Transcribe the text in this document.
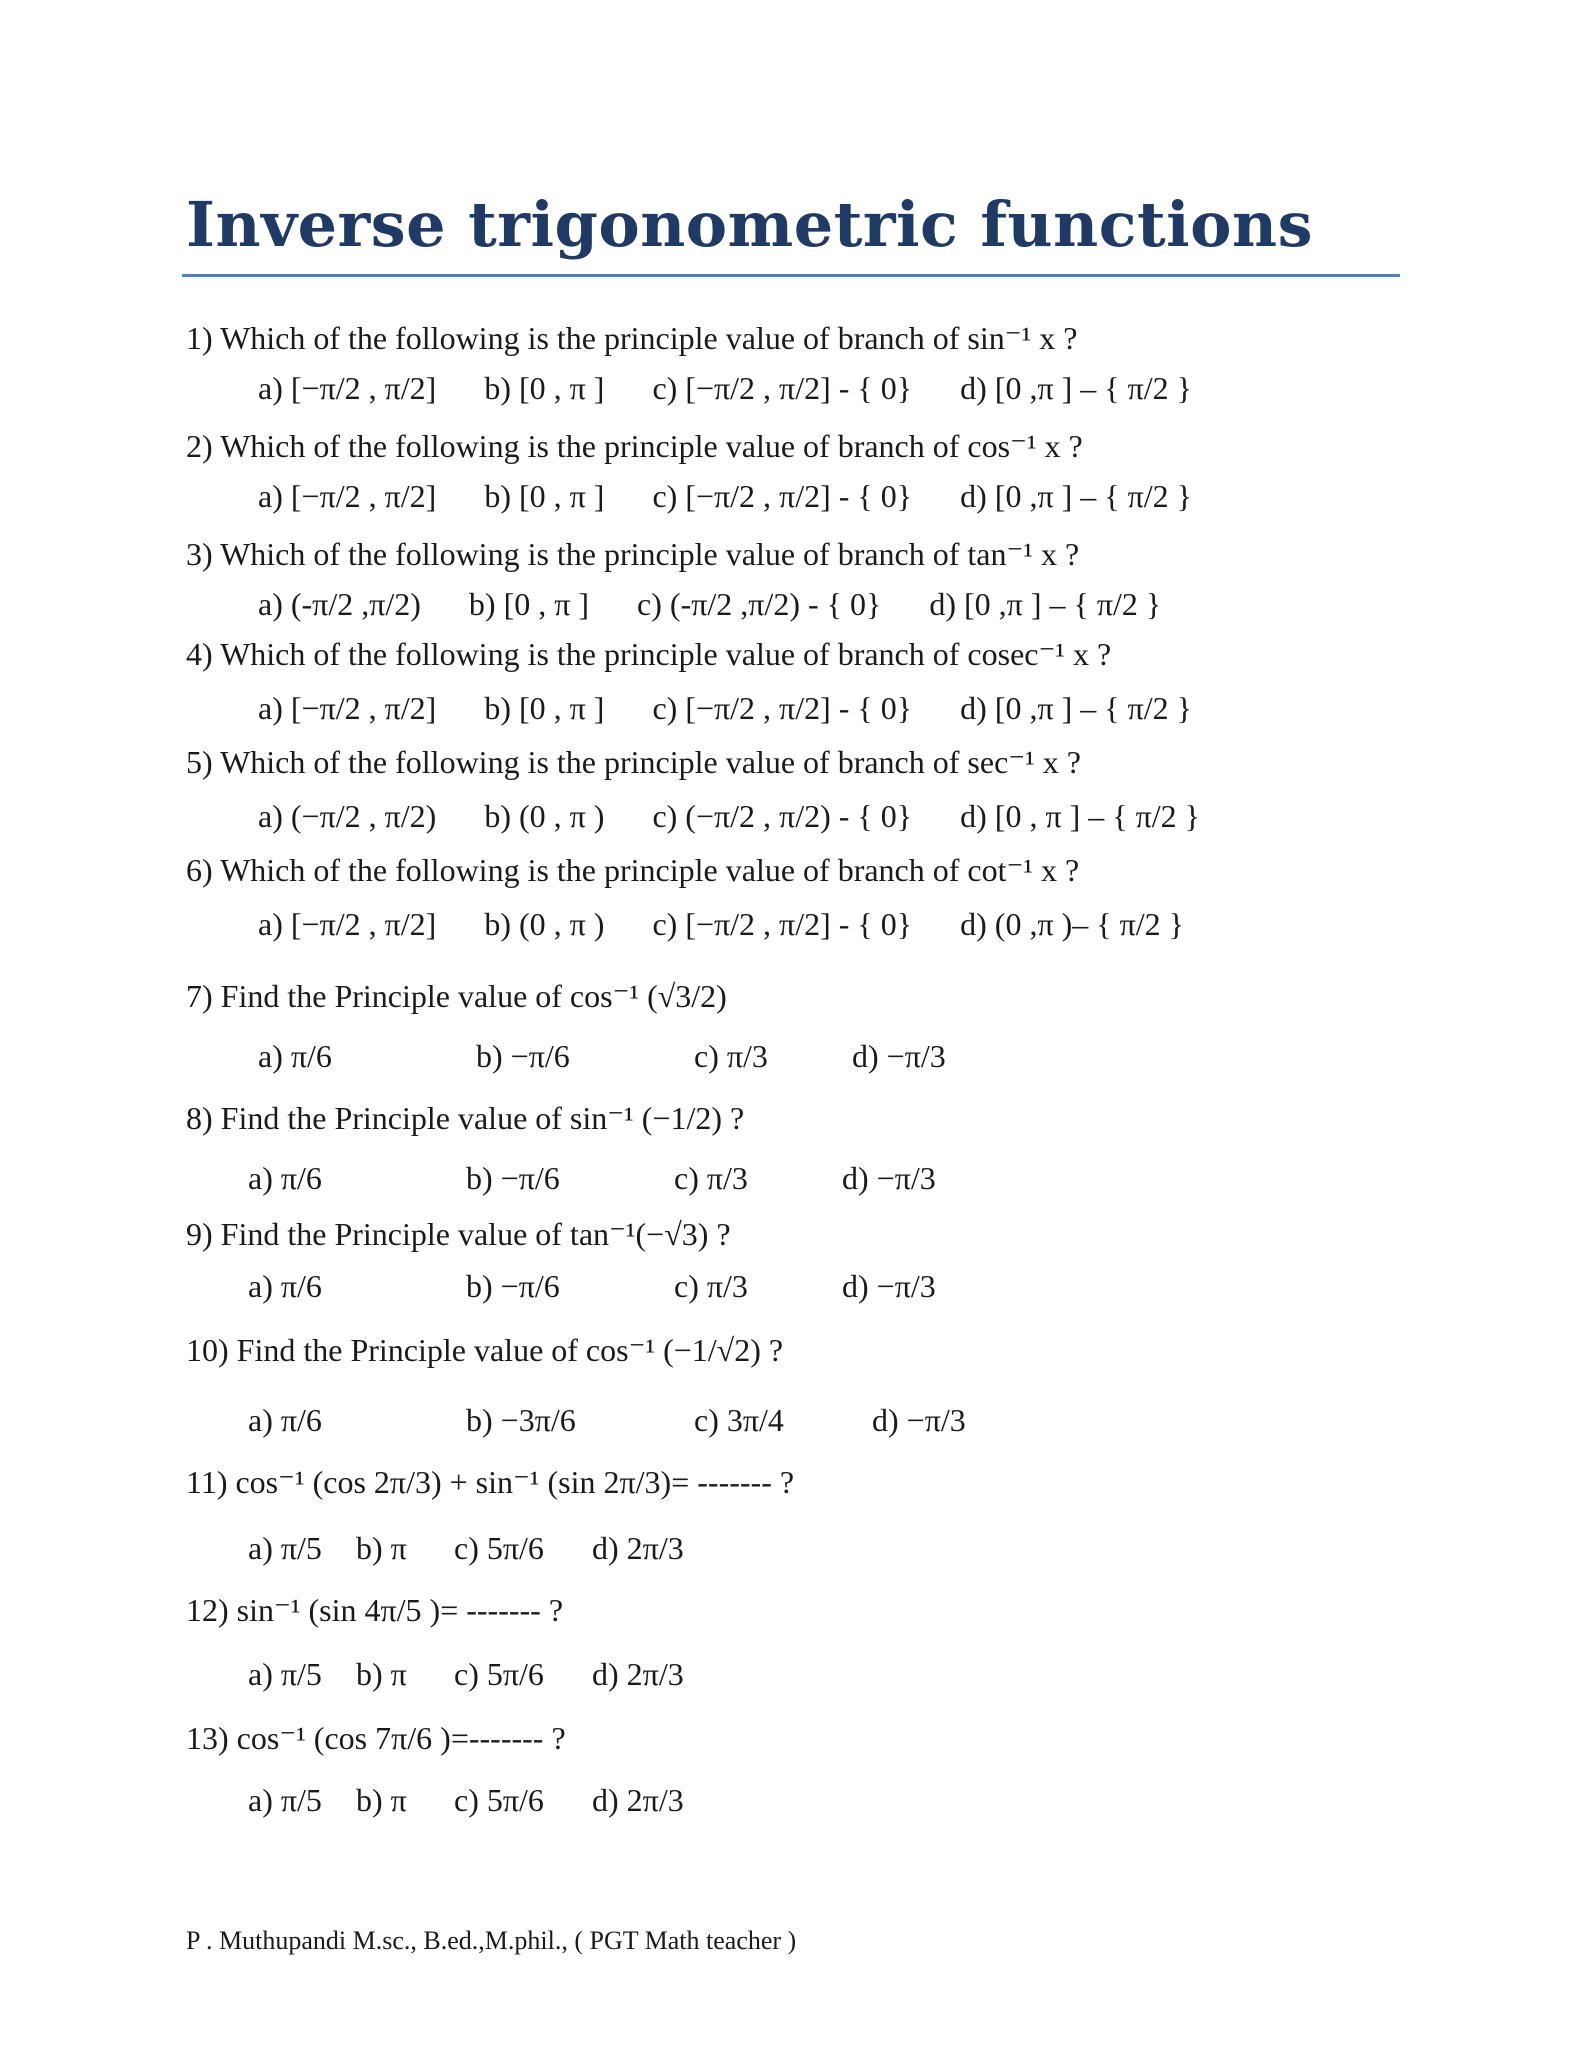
Inverse trigonometric functions
1) Which of the following is the principle value of branch of sin⁻¹ x ?
a) [−π/2 , π/2] b) [0 , π ] c) [−π/2 , π/2] - { 0} d) [0 ,π ] – { π/2 }
2) Which of the following is the principle value of branch of cos⁻¹ x ?
a) [−π/2 , π/2] b) [0 , π ] c) [−π/2 , π/2] - { 0} d) [0 ,π ] – { π/2 }
3) Which of the following is the principle value of branch of tan⁻¹ x ?
a) (-π/2 ,π/2) b) [0 , π ] c) (-π/2 ,π/2) - { 0} d) [0 ,π ] – { π/2 }
4) Which of the following is the principle value of branch of cosec⁻¹ x ?
a) [−π/2 , π/2] b) [0 , π ] c) [−π/2 , π/2] - { 0} d) [0 ,π ] – { π/2 }
5) Which of the following is the principle value of branch of sec⁻¹ x ?
a) (−π/2 , π/2) b) (0 , π ) c) (−π/2 , π/2) - { 0} d) [0 , π ] – { π/2 }
6) Which of the following is the principle value of branch of cot⁻¹ x ?
a) [−π/2 , π/2] b) (0 , π ) c) [−π/2 , π/2] - { 0} d) (0 ,π )– { π/2 }
7) Find the Principle value of cos⁻¹ (√3/2)
a) π/6	b) −π/6	c) π/3	d) −π/3
8) Find the Principle value of sin⁻¹ (−1/2) ?
a) π/6	b) −π/6	c) π/3	d) −π/3
9) Find the Principle value of tan⁻¹(−√3) ?
a) π/6	b) −π/6	c) π/3	d) −π/3
10) Find the Principle value of cos⁻¹ (−1/√2) ?
a) π/6	b) −3π/6	c) 3π/4	d) −π/3
11) cos⁻¹ (cos 2π/3) + sin⁻¹ (sin 2π/3)= ------- ?
a) π/5 b) π c) 5π/6 d) 2π/3
12) sin⁻¹ (sin 4π/5 )= ------- ?
a) π/5 b) π c) 5π/6 d) 2π/3
13) cos⁻¹ (cos 7π/6 )=------- ?
a) π/5 b) π c) 5π/6 d) 2π/3
P . Muthupandi M.sc., B.ed.,M.phil., ( PGT Math teacher )
